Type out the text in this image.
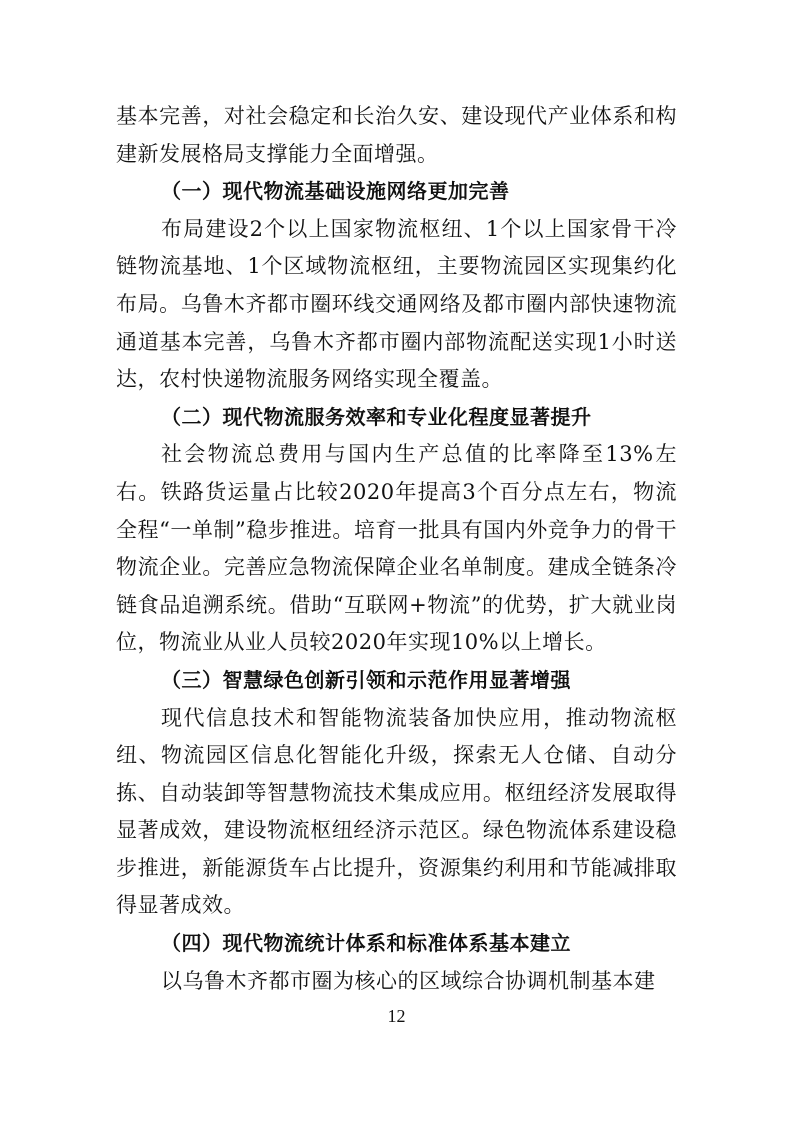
基本完善，对社会稳定和长治久安、建设现代产业体系和构建新发展格局支撑能力全面增强。

（一）现代物流基础设施网络更加完善

布局建设2个以上国家物流枢纽、1个以上国家骨干冷链物流基地、1个区域物流枢纽，主要物流园区实现集约化布局。乌鲁木齐都市圈环线交通网络及都市圈内部快速物流通道基本完善，乌鲁木齐都市圈内部物流配送实现1小时送达，农村快递物流服务网络实现全覆盖。

（二）现代物流服务效率和专业化程度显著提升

社会物流总费用与国内生产总值的比率降至13%左右。铁路货运量占比较2020年提高3个百分点左右，物流全程“一单制”稳步推进。培育一批具有国内外竞争力的骨干物流企业。完善应急物流保障企业名单制度。建成全链条冷链食品追溯系统。借助“互联网+物流”的优势，扩大就业岗位，物流业从业人员较2020年实现10%以上增长。

（三）智慧绿色创新引领和示范作用显著增强

现代信息技术和智能物流装备加快应用，推动物流枢纽、物流园区信息化智能化升级，探索无人仓储、自动分拣、自动装卸等智慧物流技术集成应用。枢纽经济发展取得显著成效，建设物流枢纽经济示范区。绿色物流体系建设稳步推进，新能源货车占比提升，资源集约利用和节能减排取得显著成效。

（四）现代物流统计体系和标准体系基本建立

以乌鲁木齐都市圈为核心的区域综合协调机制基本建

12
